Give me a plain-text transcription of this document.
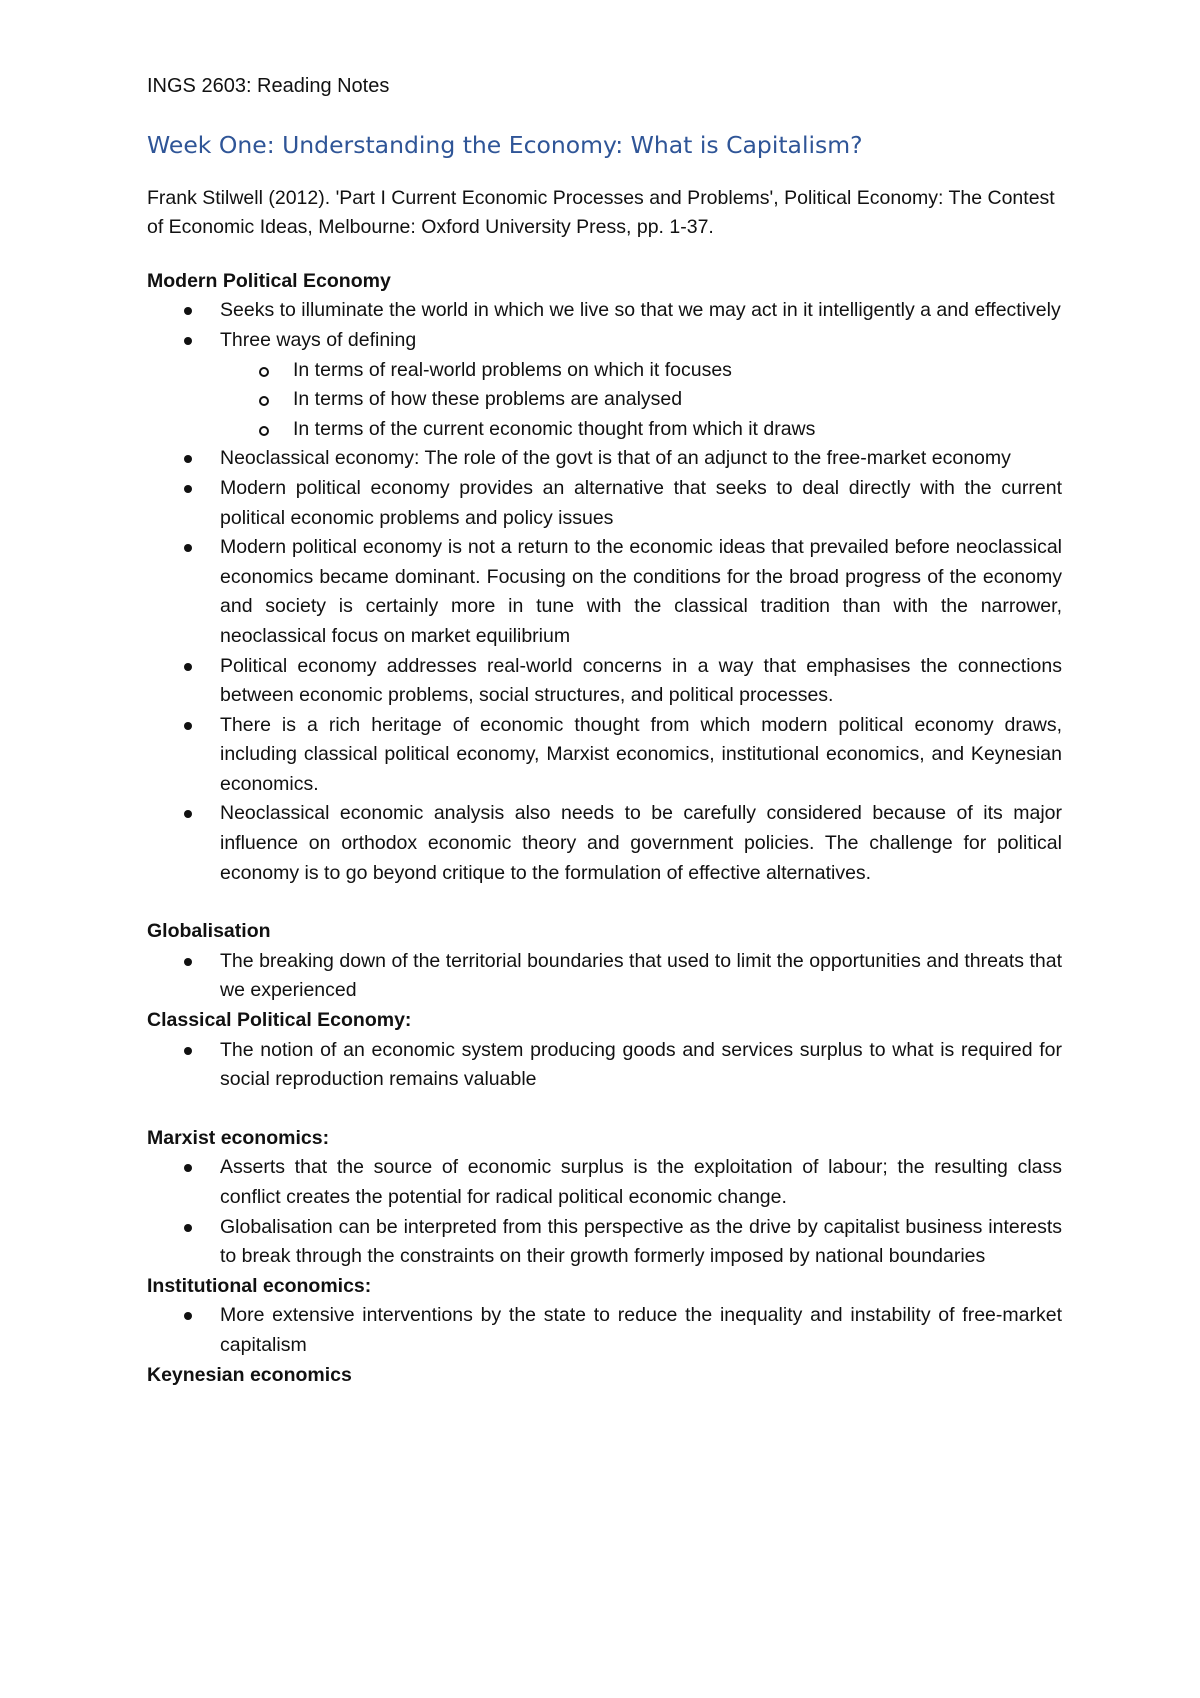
INGS 2603: Reading Notes

Week One: Understanding the Economy: What is Capitalism?

Frank Stilwell (2012). 'Part I Current Economic Processes and Problems', Political Economy: The Contest of Economic Ideas, Melbourne: Oxford University Press, pp. 1-37.

Modern Political Economy

Seeks to illuminate the world in which we live so that we may act in it intelligently a and effectively
Three ways of defining
In terms of real-world problems on which it focuses
In terms of how these problems are analysed
In terms of the current economic thought from which it draws
Neoclassical economy: The role of the govt is that of an adjunct to the free-market economy
Modern political economy provides an alternative that seeks to deal directly with the current political economic problems and policy issues
Modern political economy is not a return to the economic ideas that prevailed before neoclassical economics became dominant. Focusing on the conditions for the broad progress of the economy and society is certainly more in tune with the classical tradition than with the narrower, neoclassical focus on market equilibrium
Political economy addresses real-world concerns in a way that emphasises the connections between economic problems, social structures, and political processes.
There is a rich heritage of economic thought from which modern political economy draws, including classical political economy, Marxist economics, institutional economics, and Keynesian economics.
Neoclassical economic analysis also needs to be carefully considered because of its major influence on orthodox economic theory and government policies. The challenge for political economy is to go beyond critique to the formulation of effective alternatives.

Globalisation

The breaking down of the territorial boundaries that used to limit the opportunities and threats that we experienced

Classical Political Economy:

The notion of an economic system producing goods and services surplus to what is required for social reproduction remains valuable

Marxist economics:

Asserts that the source of economic surplus is the exploitation of labour; the resulting class conflict creates the potential for radical political economic change.
Globalisation can be interpreted from this perspective as the drive by capitalist business interests to break through the constraints on their growth formerly imposed by national boundaries

Institutional economics:

More extensive interventions by the state to reduce the inequality and instability of free-market capitalism

Keynesian economics
